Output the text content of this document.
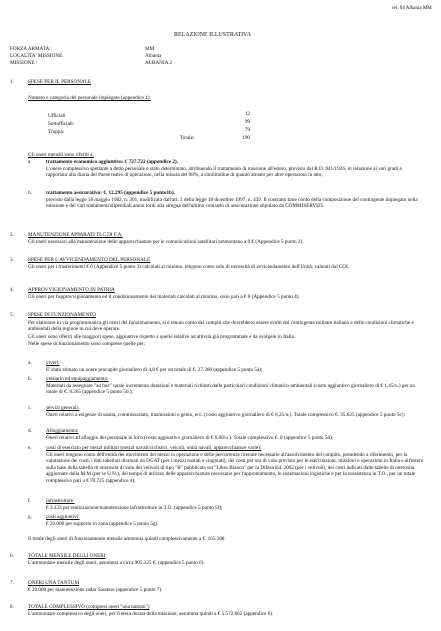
rel. 04 Albania MM
RELAZIONE ILLUSTRATIVA
FORZA ARMATA:	MM
LOCALITA' MISSIONE:	Albania
MISSIONE :	ALBANIA 2
1.	SPESE PER IL PERSONALE
Numero e categoria del personale impiegato (appendice 1):
Ufficiali	12
Sottufficiali:	99
Truppa:	79
Totale:	190
Gli oneri mensili sono riferiti a:
a.	trattamento economico aggiuntivo: € 727.722 (appendice 2).
L'onere complessivo spettante a detto personale è stato determinato, attribuendo il trattamento di missione all'estero, previsto dal R.D. 941/1926, in relazione ai vari gradi e rapportato alla diaria del Paese teatro di operazioni, nella misura del 98%, a similitudine di quanto attuato per altre operazioni in atto;
b.	trattamento assicurativo: €. 12.295 (appendice 5 punto1b).
previsto dalla legge 18 maggio 1982, n. 301, modificata dall'art. 2 della legge 18 dicembre 1997, n. 439. Il contratto time conto della composizione del contingente impiegato nella missione e dei vari trattamenti stipendiali annui lordi alla stregua dell'ultimo contratto di assicurazione stipulato da COMMISERVIZI.
2.	MANUTENZIONE APPARATI TLC DI F.A.
Gli oneri necessari alla manutenzione delle apparecchiature per le comunicazioni satellitari ammontano a 0 € (Appendice 5 punto 2).
3.	SPESE PER L'AVVICENDAMENTO DEL PERSONALE
Gli oneri per i trasferimenti € 0 (Appendice 5 punto 3) calcolati al minimo, tengono conto solo di necessità di avvicendamento dell'Unità, valutati dal COI.
4.	APPROVVIGIONAMENTO IN PATRIA
Gli oneri per l'approvvigionamento ed il condizionamento dei materiali calcolati al minimo, sono pari a € 0 (Appendice 5 punto 4).
5.	SPESE DI FUNZIONAMENTO
Per elaborare in via programmatica gli oneri del funzionamento, si è tenuto conto dei compiti che dovrebbero essere svolti dal contingente militare italiano e delle condizioni climatiche e ambientali della regione in cui deve operare.
Gli oneri sono riferiti alle maggiori spese, aggiuntive rispetto a quelle relative ad attività già programmate e da svolgere in Italia.
Nelle spese di funzionamento sono comprese quelle per:
a.	viveri:
E' stato stimato un onere procapite giornaliero di 4,8 € per un totale di €. 27.360 (appendice 5 punto 5a);
b.	vestiario ed equipaggiamento:
Materiali da assegnare "ad hoc" quale incremento dotazioni e materiali richiesti dalle particolari condizioni climatico-ambientali (costo aggiuntivo giornaliero di € 1,45/u.) per un totale di €. 8.265 (appendice 5 punto 5b.);
c.	servizi generali:
Oneri relativi a esigenze di sanità, commissariato, trasmissioni e genio, ecc. (costo aggiuntivo giornaliero di € 6,25/u.). Totale complessivo €. 35.625 (appendice 5 punto 5c);
d.	Alloggiamento:
Oneri relativi ad alloggio del personale in loco (costo aggiuntivo giornaliero di € 0,00/u.). Totale complessivo €. 0 (appendice 5 punto 5d);
e.	costi di esercizio per mezzi militari (mezzi navali/ciclistici, veicoli, unità navali, apparecchiature varie):
Gli oneri tengono conto dell'entità dei movimenti dei mezzi in operazione e delle percorrenze ritenute necessarie all'assolvimento del compito, prendendo a riferimento, per la valutazione dei costi, i dati tabellari diramati da DGAT (per i mezzi ruotati e cingolati), dei costi per ora di volo previsto per le esercitazioni, missioni e operazioni in Italia e all'estero sulla base della tabella di onerosità di volo dei velivoli di tipo "B" pubblicata sul "Libro Bianco" per la Difesa Ed. 2002 (per i velivoli), dei costi indicati dalle tabelle di onerosità aggiornate dalla M.M (per le U.N.), del tempo di utilizzo delle apparecchiature necessarie per l'approntamento, le sistemazioni logistiche e per la sussistenza in T.O., per un totale complessivo pari a € 70.725 (appendice 4);
f.	infrastrutture:
€ 3.333 per realizzazione/manutenzione infrastrutture in T.O. (appendice 5 punto 5f);
g.	costi aggiuntivi:
€ 20.000 per supporto in zona (appendice 5 punto 5g).
Il totale degli oneri di funzionamento mensile ammonta quindi complessivamente a €. 165.308
6.	TOTALE MENSILE DEGLI ONERI
L'ammontare mensile degli oneri, assomma a circa 905.325 €. (appendice 5 punto 6).
7.	ONERI UNA TANTUM
€ 20.000 per manutenzione radar Sasseno (appendice 5 punto 7).
8.	TOTALE COMPLESSIVO (compresi oneri "una tantum")
L'ammontare complessivo degli oneri, per l'intera durata della missione, assomma quindi a € 5.572.662 (appendice 6).
